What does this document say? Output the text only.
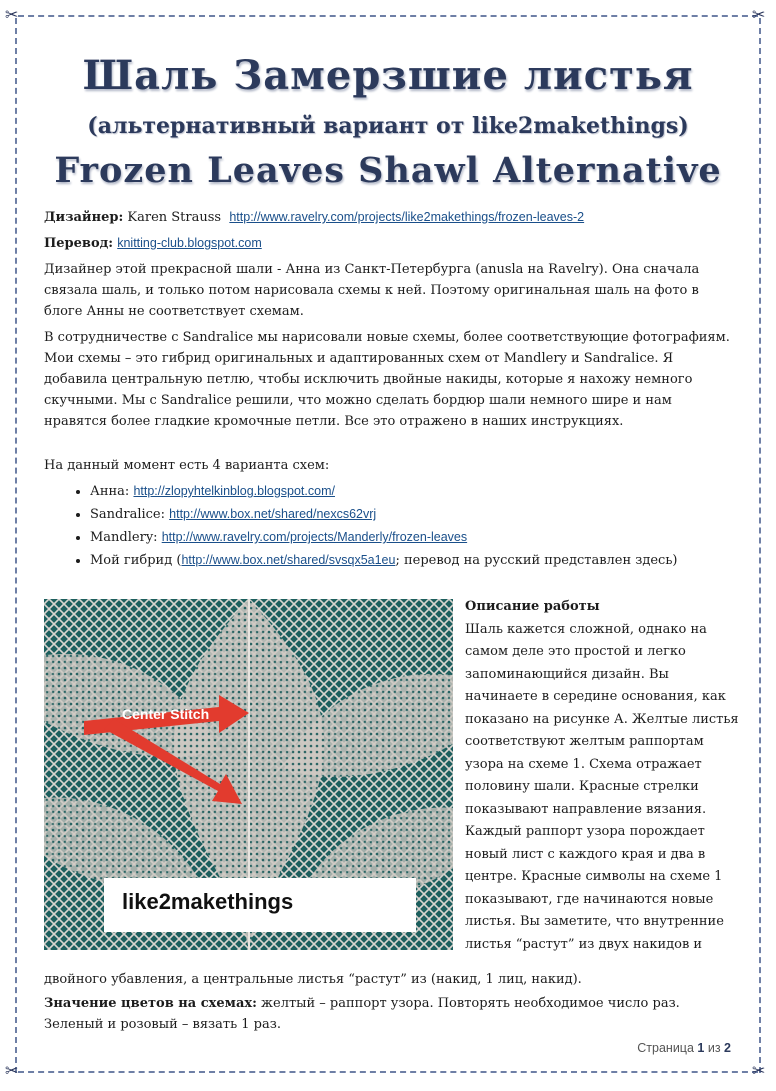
✂	✂
✂	✂
Шаль Замерзшие листья
(альтернативный вариант от like2makethings)
Frozen Leaves Shawl Alternative
Дизайнер: Karen Strauss http://www.ravelry.com/projects/like2makethings/frozen-leaves-2
Перевод: knitting-club.blogspot.com
Дизайнер этой прекрасной шали - Анна из Санкт-Петербурга (anusla на Ravelry). Она сначала связала шаль, и только потом нарисовала схемы к ней. Поэтому оригинальная шаль на фото в блоге Анны не соответствует схемам.
В сотрудничестве с Sandralice мы нарисовали новые схемы, более соответствующие фотографиям. Мои схемы – это гибрид оригинальных и адаптированных схем от Mandlery и Sandralice. Я добавила центральную петлю, чтобы исключить двойные накиды, которые я нахожу немного скучными. Мы с Sandralice решили, что можно сделать бордюр шали немного шире и нам нравятся более гладкие кромочные петли. Все это отражено в наших инструкциях.
На данный момент есть 4 варианта схем:
• Анна: http://zlopyhtelkinblog.blogspot.com/
• Sandralice: http://www.box.net/shared/nexcs62vrj
• Mandlery: http://www.ravelry.com/projects/Manderly/frozen-leaves
• Мой гибрид (http://www.box.net/shared/svsqx5a1eu; перевод на русский представлен здесь)
Center Stitch
like2makethings
Описание работы
Шаль кажется сложной, однако на самом деле это простой и легко запоминающийся дизайн. Вы начинаете в середине основания, как показано на рисунке А. Желтые листья соответствуют желтым раппортам узора на схеме 1. Схема отражает половину шали. Красные стрелки показывают направление вязания. Каждый раппорт узора порождает новый лист с каждого края и два в центре. Красные символы на схеме 1 показывают, где начинаются новые листья. Вы заметите, что внутренние листья “растут” из двух накидов и
двойного убавления, а центральные листья “растут” из (накид, 1 лиц, накид).
Значение цветов на схемах: желтый – раппорт узора. Повторять необходимое число раз. Зеленый и розовый – вязать 1 раз.
Страница 1 из 2
